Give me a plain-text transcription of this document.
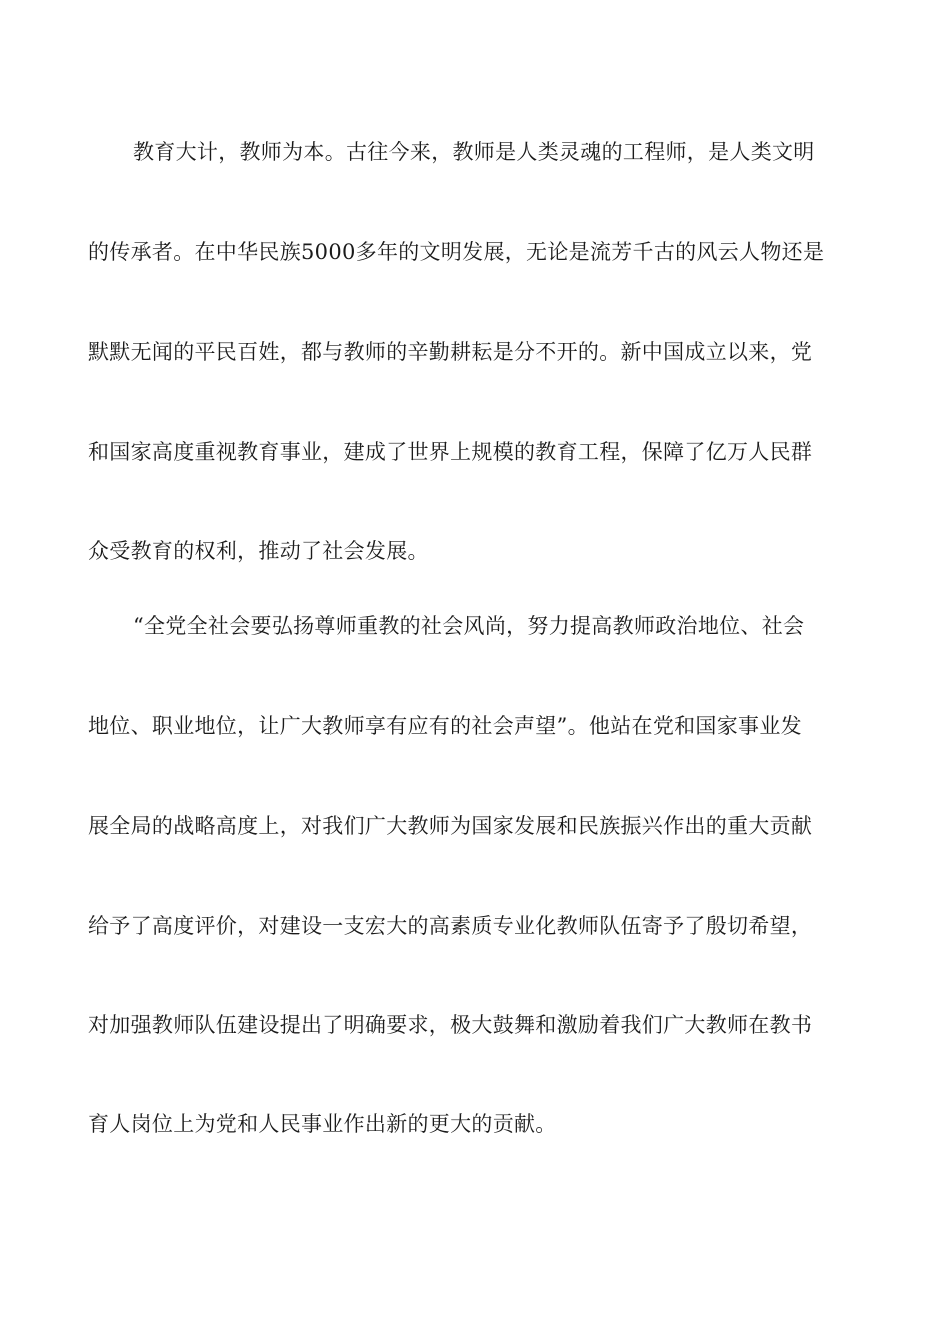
教育大计，教师为本。古往今来，教师是人类灵魂的工程师，是人类文明
的传承者。在中华民族5000多年的文明发展，无论是流芳千古的风云人物还是
默默无闻的平民百姓，都与教师的辛勤耕耘是分不开的。新中国成立以来，党
和国家高度重视教育事业，建成了世界上规模的教育工程，保障了亿万人民群
众受教育的权利，推动了社会发展。
“全党全社会要弘扬尊师重教的社会风尚，努力提高教师政治地位、社会
地位、职业地位，让广大教师享有应有的社会声望”。他站在党和国家事业发
展全局的战略高度上，对我们广大教师为国家发展和民族振兴作出的重大贡献
给予了高度评价，对建设一支宏大的高素质专业化教师队伍寄予了殷切希望，
对加强教师队伍建设提出了明确要求，极大鼓舞和激励着我们广大教师在教书
育人岗位上为党和人民事业作出新的更大的贡献。
